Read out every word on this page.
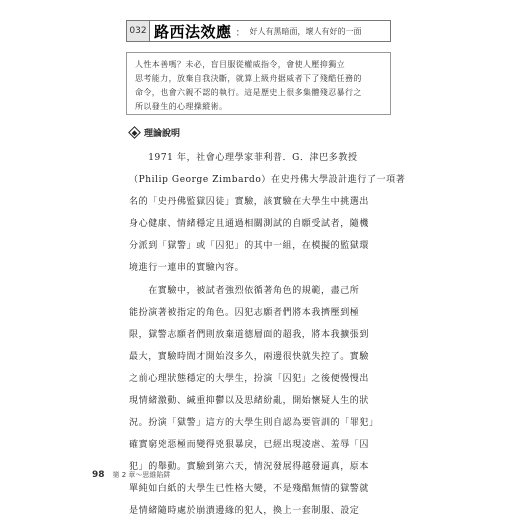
032 路西法效應 ： 好人有黑暗面，壞人有好的一面

人性本善嗎？未必，盲目服從權威指令，會使人壓抑獨立

思考能力，放棄自我決斷，就算上級舟据威者下了殘酷任務的

命令，也會六親不認的執行。這是歷史上很多集體殘忍暴行之

所以發生的心理操縱術。

理論說明

　　1971 年，社會心理學家菲利普．G．津巴多教授

（Philip George Zimbardo）在史丹佛大學設計進行了一項著

名的「史丹佛監獄囚徒」實驗，該實驗在大學生中挑選出

身心健康、情緒穩定且通過相關測試的自願受試者，隨機

分派到「獄警」或「囚犯」的其中一組，在模擬的監獄環

境進行一連串的實驗內容。

　　在實驗中，被試者強烈依循著角色的規範，盡己所

能扮演著被指定的角色。囚犯志願者們將本我擠壓到極

限，獄警志願者們則放棄道德層面的超我，將本我擴張到

最大，實驗時間才開始沒多久，兩邊很快就失控了。實驗

之前心理狀態穩定的大學生，扮演「囚犯」之後便慢慢出

現情緒激動、緘重抑鬱以及思緒紛亂，開始懷疑人生的狀

況。扮演「獄警」這方的大學生則自認為要管訓的「罪犯」

確實窮兇惡極而變得兇狠暴戾，已經出現凌虐、羞辱「囚

犯」的舉動。實驗到第六天，情況發展得越發逼真，原本

單純如白紙的大學生已性格大變，不是殘酷無情的獄警就

是情緒隨時處於崩潰邊緣的犯人，換上一套制服、設定

98 第 2 章～思維陷阱
